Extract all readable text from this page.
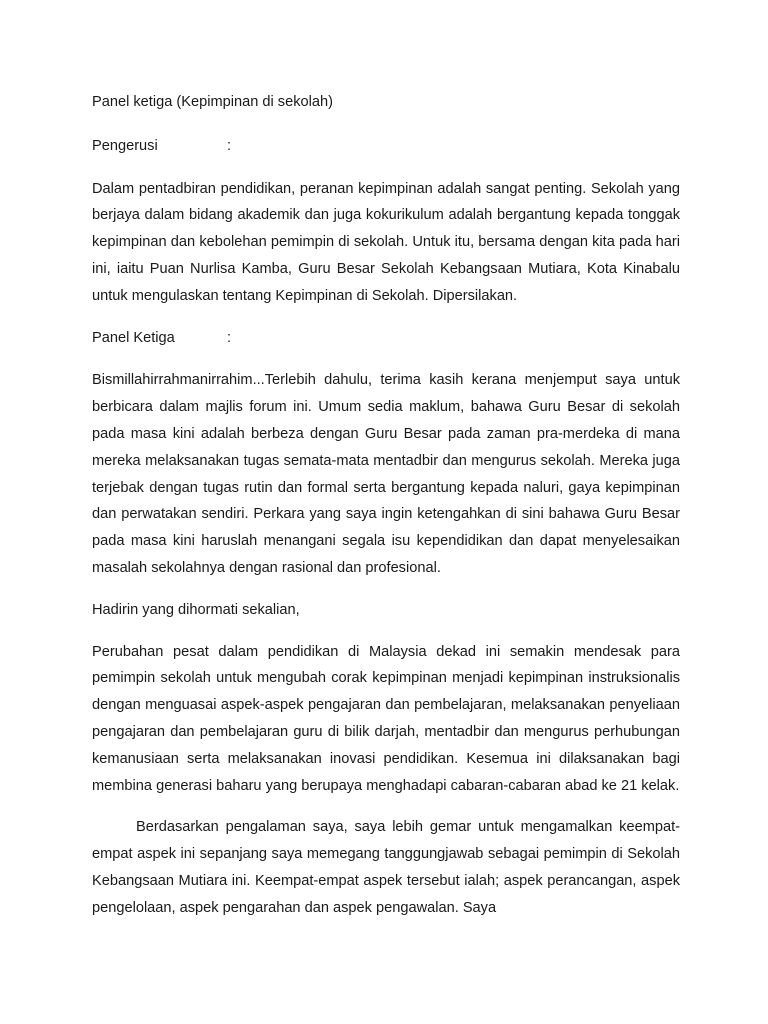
Panel ketiga (Kepimpinan di sekolah)

Pengerusi	:

Dalam pentadbiran pendidikan, peranan kepimpinan adalah sangat penting. Sekolah yang berjaya dalam bidang akademik dan juga kokurikulum adalah bergantung kepada tonggak kepimpinan dan kebolehan pemimpin di sekolah. Untuk itu, bersama dengan kita pada hari ini, iaitu Puan Nurlisa Kamba, Guru Besar Sekolah Kebangsaan Mutiara, Kota Kinabalu untuk mengulaskan tentang Kepimpinan di Sekolah. Dipersilakan.

Panel Ketiga	:

Bismillahirrahmanirrahim...Terlebih dahulu, terima kasih kerana menjemput saya untuk berbicara dalam majlis forum ini. Umum sedia maklum, bahawa Guru Besar di sekolah pada masa kini adalah berbeza dengan Guru Besar pada zaman pra-merdeka di mana mereka melaksanakan tugas semata-mata mentadbir dan mengurus sekolah. Mereka juga terjebak dengan tugas rutin dan formal serta bergantung kepada naluri, gaya kepimpinan dan perwatakan sendiri. Perkara yang saya ingin ketengahkan di sini bahawa Guru Besar pada masa kini haruslah menangani segala isu kependidikan dan dapat menyelesaikan masalah sekolahnya dengan rasional dan profesional.

Hadirin yang dihormati sekalian,

Perubahan pesat dalam pendidikan di Malaysia dekad ini semakin mendesak para pemimpin sekolah untuk mengubah corak kepimpinan menjadi kepimpinan instruksionalis dengan menguasai aspek-aspek pengajaran dan pembelajaran, melaksanakan penyeliaan pengajaran dan pembelajaran guru di bilik darjah, mentadbir dan mengurus perhubungan kemanusiaan serta melaksanakan inovasi pendidikan. Kesemua ini dilaksanakan bagi membina generasi baharu yang berupaya menghadapi cabaran-cabaran abad ke 21 kelak.

Berdasarkan pengalaman saya, saya lebih gemar untuk mengamalkan keempat-empat aspek ini sepanjang saya memegang tanggungjawab sebagai pemimpin di Sekolah Kebangsaan Mutiara ini. Keempat-empat aspek tersebut ialah; aspek perancangan, aspek pengelolaan, aspek pengarahan dan aspek pengawalan. Saya
